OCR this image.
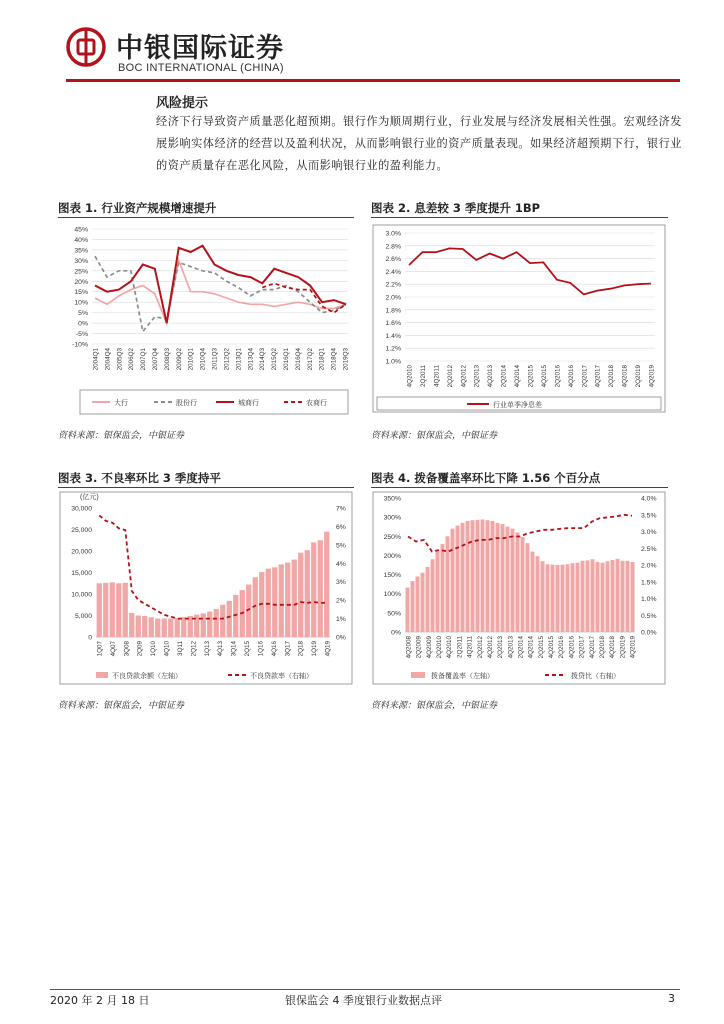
中银国际证券
BOC INTERNATIONAL (CHINA)
风险提示
经济下行导致资产质量恶化超预期。银行作为顺周期行业，行业发展与经济发展相关性强。宏观经济发展影响实体经济的经营以及盈利状况，从而影响银行业的资产质量表现。如果经济超预期下行，银行业的资产质量存在恶化风险，从而影响银行业的盈利能力。
图表 1. 行业资产规模增速提升
-10%
-5%
0%
5%
10%
15%
20%
25%
30%
35%
40%
45%
2004Q1 2004Q4 2005Q3 2006Q2 2007Q1 2007Q4 2008Q3 2009Q2 2010Q1 2010Q4 2011Q3 2012Q2 2013Q1 2013Q4 2014Q3 2015Q2 2016Q1 2016Q4 2017Q2 2018Q1 2018Q4 2019Q3
大行	股份行	城商行	农商行
资料来源：银保监会，中银证券
图表 2. 息差较 3 季度提升 1BP
1.0%
1.2%
1.4%
1.6%
1.8%
2.0%
2.2%
2.4%
2.6%
2.8%
3.0%
4Q2010 2Q2011 4Q2011 2Q2012 4Q2012 2Q2013 4Q2013 2Q2014 4Q2014 2Q2015 4Q2015 2Q2016 4Q2016 2Q2017 4Q2017 2Q2018 4Q2018 2Q2019 4Q2019
行业单季净息差
资料来源：银保监会，中银证券
图表 3. 不良率环比 3 季度持平
(亿元)
0
5,000
10,000
15,000
20,000
25,000
30,000
0%
1%
2%
3%
4%
5%
6%
7%
1Q07 4Q07 3Q08 2Q09 1Q10 4Q10 3Q11 2Q12 1Q13 4Q13 3Q14 2Q15 1Q16 4Q16 3Q17 2Q18 1Q19 4Q19
不良贷款余额（左轴）	不良贷款率（右轴）
资料来源：银保监会，中银证券
图表 4. 拨备覆盖率环比下降 1.56 个百分点
0%
50%
100%
150%
200%
250%
300%
350%
0.0%
0.5%
1.0%
1.5%
2.0%
2.5%
3.0%
3.5%
4.0%
4Q2008 2Q2009 4Q2009 2Q2010 4Q2010 2Q2011 4Q2011 2Q2012 4Q2012 2Q2013 4Q2013 2Q2014 4Q2014 2Q2015 4Q2015 2Q2016 4Q2016 2Q2017 4Q2017 2Q2018 4Q2018 2Q2019 4Q2019
拨备覆盖率（左轴）	拨贷比（右轴）
资料来源：银保监会，中银证券
2020 年 2 月 18 日	银保监会 4 季度银行业数据点评	3
